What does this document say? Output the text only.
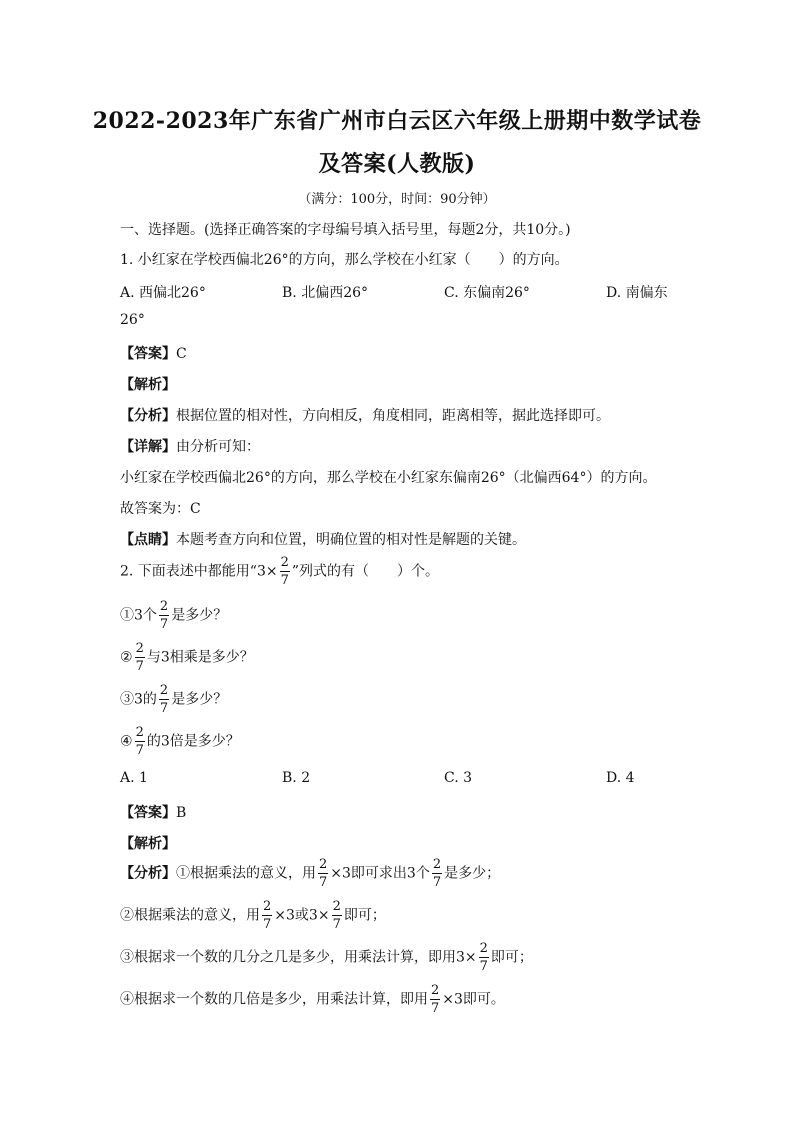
2022-2023年广东省广州市白云区六年级上册期中数学试卷
及答案(人教版)
（满分：100分，时间：90分钟）
一、选择题。(选择正确答案的字母编号填入括号里，每题2分，共10分。)
1. 小红家在学校西偏北26°的方向，那么学校在小红家（　　）的方向。
A. 西偏北26°	B. 北偏西26°	C. 东偏南26°	D. 南偏东
26°
【答案】C
【解析】
【分析】根据位置的相对性，方向相反，角度相同，距离相等，据此选择即可。
【详解】由分析可知：
小红家在学校西偏北26°的方向，那么学校在小红家东偏南26°（北偏西64°）的方向。
故答案为：C
【点睛】本题考查方向和位置，明确位置的相对性是解题的关键。
2. 下面表述中都能用“$3\times \frac{2}{7}$ ”列式的有（　　）个。
①3个 $\frac{2}{7}$ 是多少？
② $\frac{2}{7}$ 与3相乘是多少？
③3的 $\frac{2}{7}$ 是多少？
④ $\frac{2}{7}$ 的3倍是多少？
A. 1	B. 2	C. 3	D. 4
【答案】B
【解析】
【分析】①根据乘法的意义，用 $\frac{2}{7} \times 3$即可求出3个 $\frac{2}{7}$ 是多少；
②根据乘法的意义，用 $\frac{2}{7} \times 3$或$3\times \frac{2}{7}$ 即可；
③根据求一个数的几分之几是多少，用乘法计算，即用$3\times \frac{2}{7}$ 即可；
④根据求一个数的几倍是多少，用乘法计算，即用 $\frac{2}{7} \times 3$即可。
